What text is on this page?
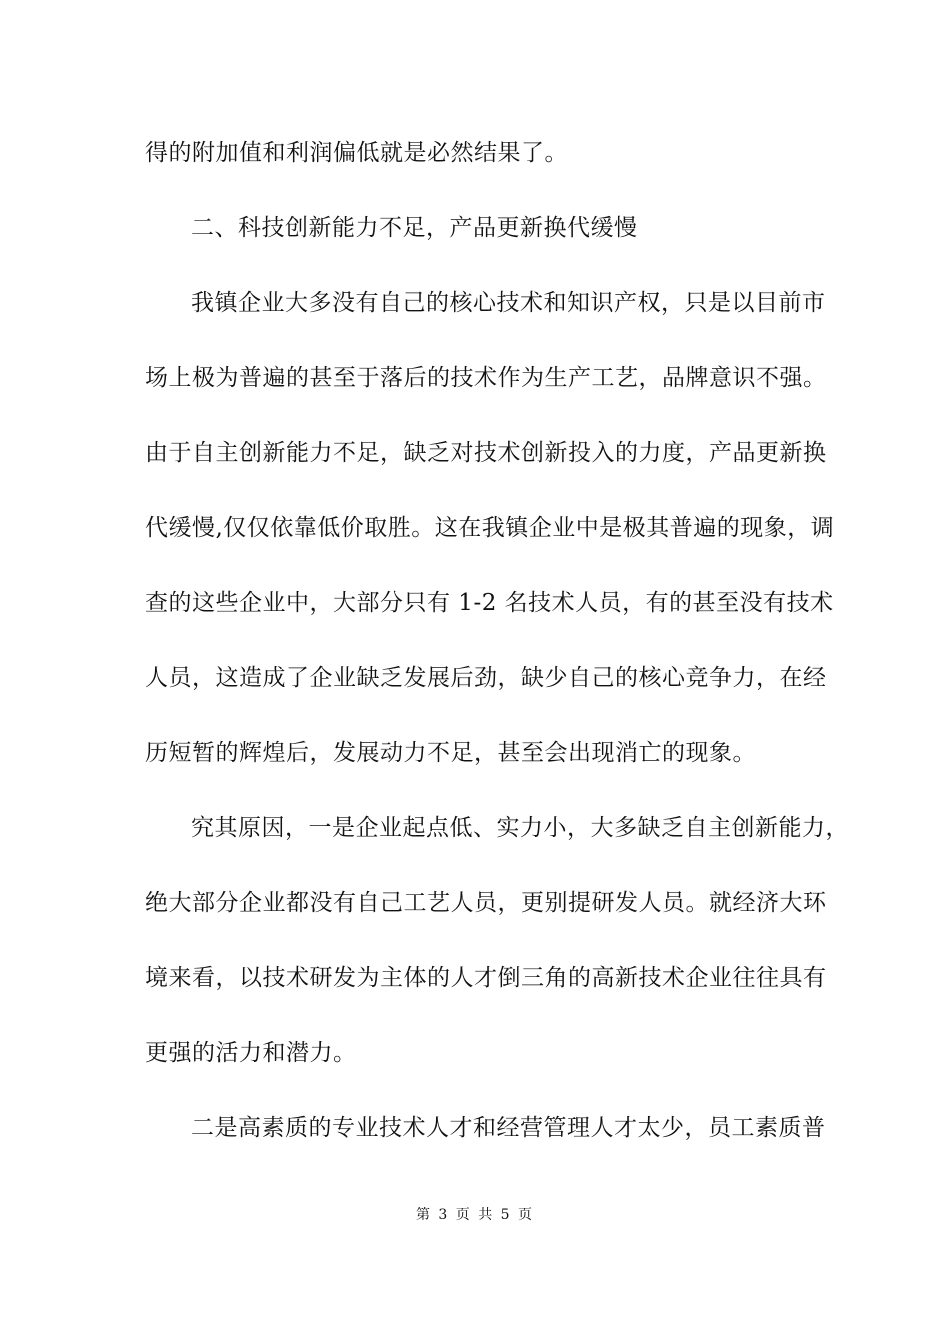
得的附加值和利润偏低就是必然结果了。
二、科技创新能力不足，产品更新换代缓慢
我镇企业大多没有自己的核心技术和知识产权，只是以目前市
场上极为普遍的甚至于落后的技术作为生产工艺，品牌意识不强。
由于自主创新能力不足，缺乏对技术创新投入的力度，产品更新换
代缓慢,仅仅依靠低价取胜。这在我镇企业中是极其普遍的现象，调
查的这些企业中，大部分只有 1-2 名技术人员，有的甚至没有技术
人员，这造成了企业缺乏发展后劲，缺少自己的核心竞争力，在经
历短暂的辉煌后，发展动力不足，甚至会出现消亡的现象。
究其原因，一是企业起点低、实力小，大多缺乏自主创新能力，
绝大部分企业都没有自己工艺人员，更别提研发人员。就经济大环
境来看，以技术研发为主体的人才倒三角的高新技术企业往往具有
更强的活力和潜力。
二是高素质的专业技术人才和经营管理人才太少，员工素质普
第 3 页 共 5 页
